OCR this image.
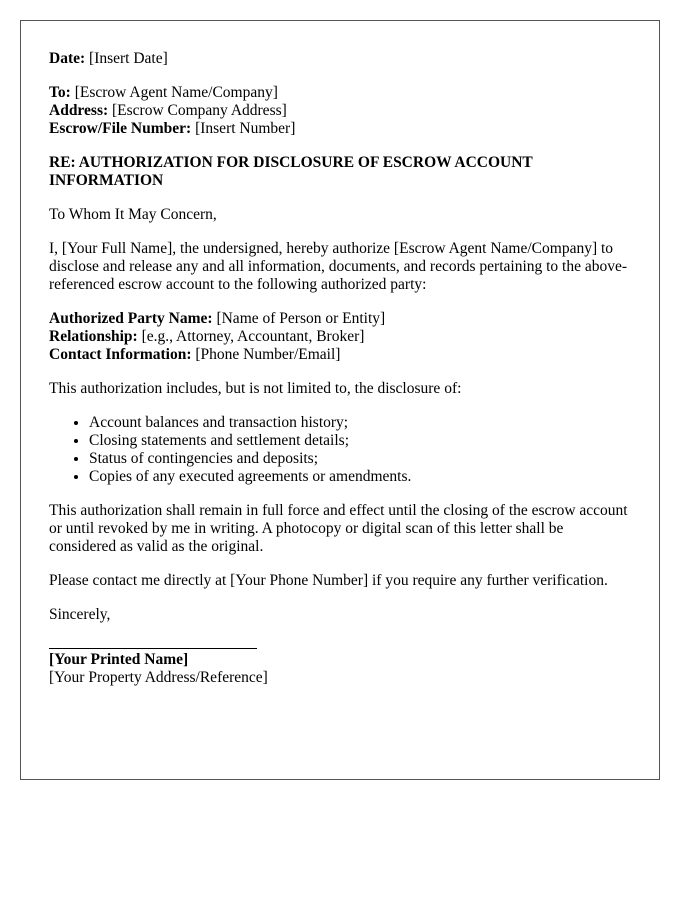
Date: [Insert Date]
To: [Escrow Agent Name/Company]
Address: [Escrow Company Address]
Escrow/File Number: [Insert Number]
RE: AUTHORIZATION FOR DISCLOSURE OF ESCROW ACCOUNT INFORMATION

To Whom It May Concern,

I, [Your Full Name], the undersigned, hereby authorize [Escrow Agent Name/Company] to disclose and release any and all information, documents, and records pertaining to the above-referenced escrow account to the following authorized party:

Authorized Party Name: [Name of Person or Entity]
Relationship: [e.g., Attorney, Accountant, Broker]
Contact Information: [Phone Number/Email]

This authorization includes, but is not limited to, the disclosure of:

• Account balances and transaction history;
• Closing statements and settlement details;
• Status of contingencies and deposits;
• Copies of any executed agreements or amendments.

This authorization shall remain in full force and effect until the closing of the escrow account or until revoked by me in writing. A photocopy or digital scan of this letter shall be considered as valid as the original.

Please contact me directly at [Your Phone Number] if you require any further verification.

Sincerely,
[Your Printed Name]
[Your Property Address/Reference]
